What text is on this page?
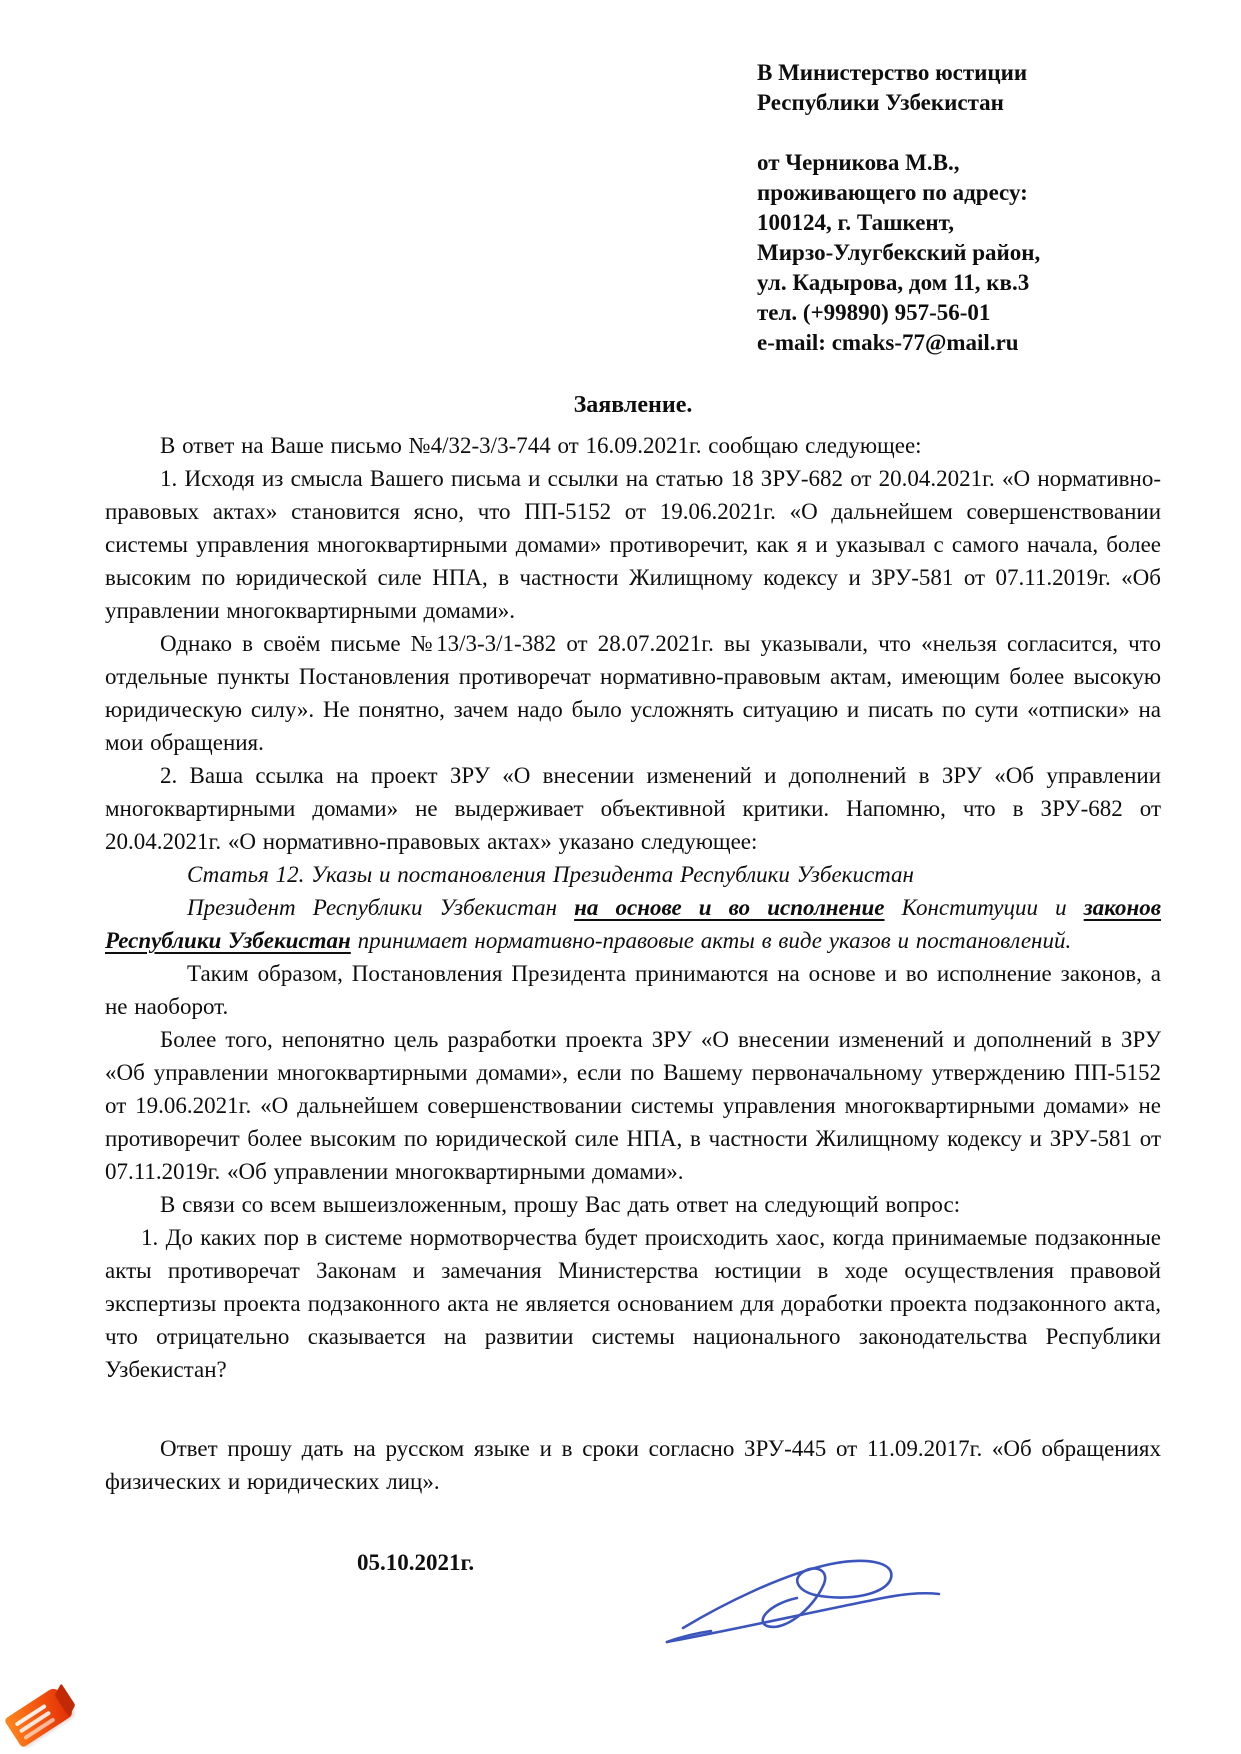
В Министерство юстиции
Республики Узбекистан
от Черникова М.В.,
проживающего по адресу:
100124, г. Ташкент,
Мирзо-Улугбекский район,
ул. Кадырова, дом 11, кв.3
тел. (+99890) 957-56-01
e-mail: cmaks-77@mail.ru
Заявление.

В ответ на Ваше письмо №4/32-3/3-744 от 16.09.2021г. сообщаю следующее:

1. Исходя из смысла Вашего письма и ссылки на статью 18 ЗРУ-682 от 20.04.2021г. «О нормативно-правовых актах» становится ясно, что ПП-5152 от 19.06.2021г. «О дальнейшем совершенствовании системы управления многоквартирными домами» противоречит, как я и указывал с самого начала, более высоким по юридической силе НПА, в частности Жилищному кодексу и ЗРУ-581 от 07.11.2019г. «Об управлении многоквартирными домами».

Однако в своём письме №13/3-3/1-382 от 28.07.2021г. вы указывали, что «нельзя согласится, что отдельные пункты Постановления противоречат нормативно-правовым актам, имеющим более высокую юридическую силу». Не понятно, зачем надо было усложнять ситуацию и писать по сути «отписки» на мои обращения.

2. Ваша ссылка на проект ЗРУ «О внесении изменений и дополнений в ЗРУ «Об управлении многоквартирными домами» не выдерживает объективной критики. Напомню, что в ЗРУ-682 от 20.04.2021г. «О нормативно-правовых актах» указано следующее:

Статья 12. Указы и постановления Президента Республики Узбекистан

Президент Республики Узбекистан на основе и во исполнение Конституции и законов Республики Узбекистан принимает нормативно-правовые акты в виде указов и постановлений.

Таким образом, Постановления Президента принимаются на основе и во исполнение законов, а не наоборот.

Более того, непонятно цель разработки проекта ЗРУ «О внесении изменений и дополнений в ЗРУ «Об управлении многоквартирными домами», если по Вашему первоначальному утверждению ПП-5152 от 19.06.2021г. «О дальнейшем совершенствовании системы управления многоквартирными домами» не противоречит более высоким по юридической силе НПА, в частности Жилищному кодексу и ЗРУ-581 от 07.11.2019г. «Об управлении многоквартирными домами».

В связи со всем вышеизложенным, прошу Вас дать ответ на следующий вопрос:

1. До каких пор в системе нормотворчества будет происходить хаос, когда принимаемые подзаконные акты противоречат Законам и замечания Министерства юстиции в ходе осуществления правовой экспертизы проекта подзаконного акта не является основанием для доработки проекта подзаконного акта, что отрицательно сказывается на развитии системы национального законодательства Республики Узбекистан?

Ответ прошу дать на русском языке и в сроки согласно ЗРУ-445 от 11.09.2017г. «Об обращениях физических и юридических лиц».

05.10.2021г.
